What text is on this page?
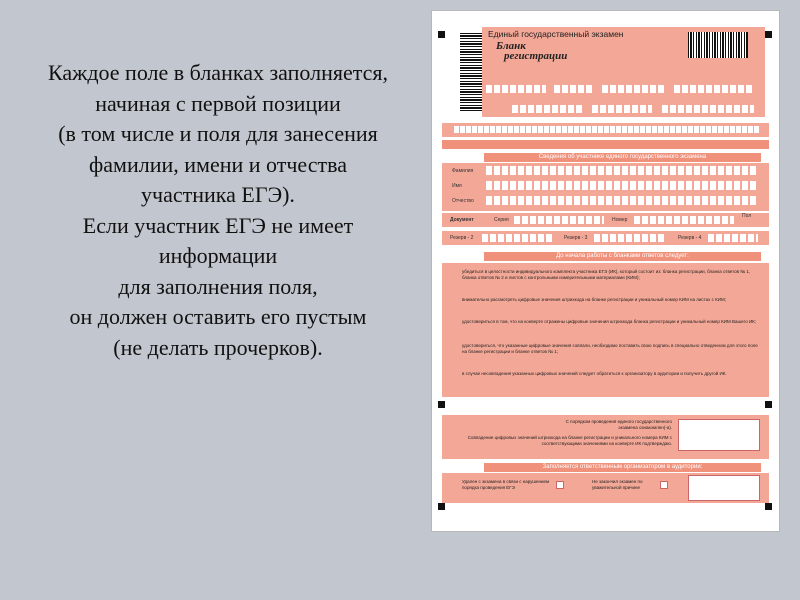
Каждое поле в бланках заполняется,
начиная с первой позиции
(в том числе и поля для занесения
фамилии, имени и отчества
участника ЕГЭ).
Если участник ЕГЭ не имеет
информации
для заполнения поля,
он должен оставить его пустым
(не делать прочерков).
Единый государственный экзамен
Бланк
регистрации
Сведения об участнике единого государственного экзамена
Фамилия
Имя
Отчество
Документ	Серия	Номер
Пол
Резерв - 2	Резерв - 3	Резерв - 4
До начала работы с бланками ответов следует:
убедиться в целостности индивидуального комплекта участника ЕГЭ (ИК), который состоит из: бланка регистрации, бланка ответов № 1, бланка ответов № 2 и листов с контрольными измерительными материалами (КИМ);
внимательно рассмотреть цифровые значения штрихкода на бланке регистрации и уникальный номер КИМ на листах с КИМ;
удостовериться в том, что на конверте отражены цифровые значения штрихкода бланка регистрации и уникальный номер КИМ Вашего ИК;
удостовериться, что указанные цифровые значения совпали, необходимо поставить свою подпись в специально отведенном для этого поле на бланке регистрации и бланке ответов № 1;
в случае несовпадения указанных цифровых значений следует обратиться к организатору в аудитории и получить другой ИК.
С порядком проведения единого государственного экзамена ознакомлен(-а).
Совпадение цифровых значений штрихкода на бланке регистрации и уникального номера КИМ с соответствующими значениями на конверте ИК подтверждаю.
Заполняется ответственным организатором в аудитории:
Удален с экзамена в связи с нарушением порядка проведения ЕГЭ
Не закончил экзамен по уважительной причине
